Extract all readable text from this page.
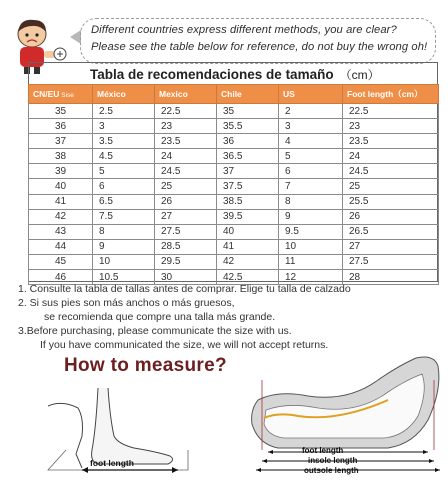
Different countries express different methods, you are clear?
Please see the table below for reference, do not buy the wrong oh!
Tabla de recomendaciones de tamaño （cm）
CN/EU Sise	México	Mexico	Chile	US	Foot length（cm）
35	2.5	22.5	35	2	22.5
36	3	23	35.5	3	23
37	3.5	23.5	36	4	23.5
38	4.5	24	36.5	5	24
39	5	24.5	37	6	24.5
40	6	25	37.5	7	25
41	6.5	26	38.5	8	25.5
42	7.5	27	39.5	9	26
43	8	27.5	40	9.5	26.5
44	9	28.5	41	10	27
45	10	29.5	42	11	27.5
46	10.5	30	42.5	12	28
1. Consulte la tabla de tallas antes de comprar. Elige tu talla de calzado
2. Si sus pies son más anchos o más gruesos,
se recomienda que compre una talla más grande.
3.Before purchasing, please communicate the size with us.
If you have communicated the size, we will not accept returns.
How to measure?
foot length
foot length
insole length
outsole length
